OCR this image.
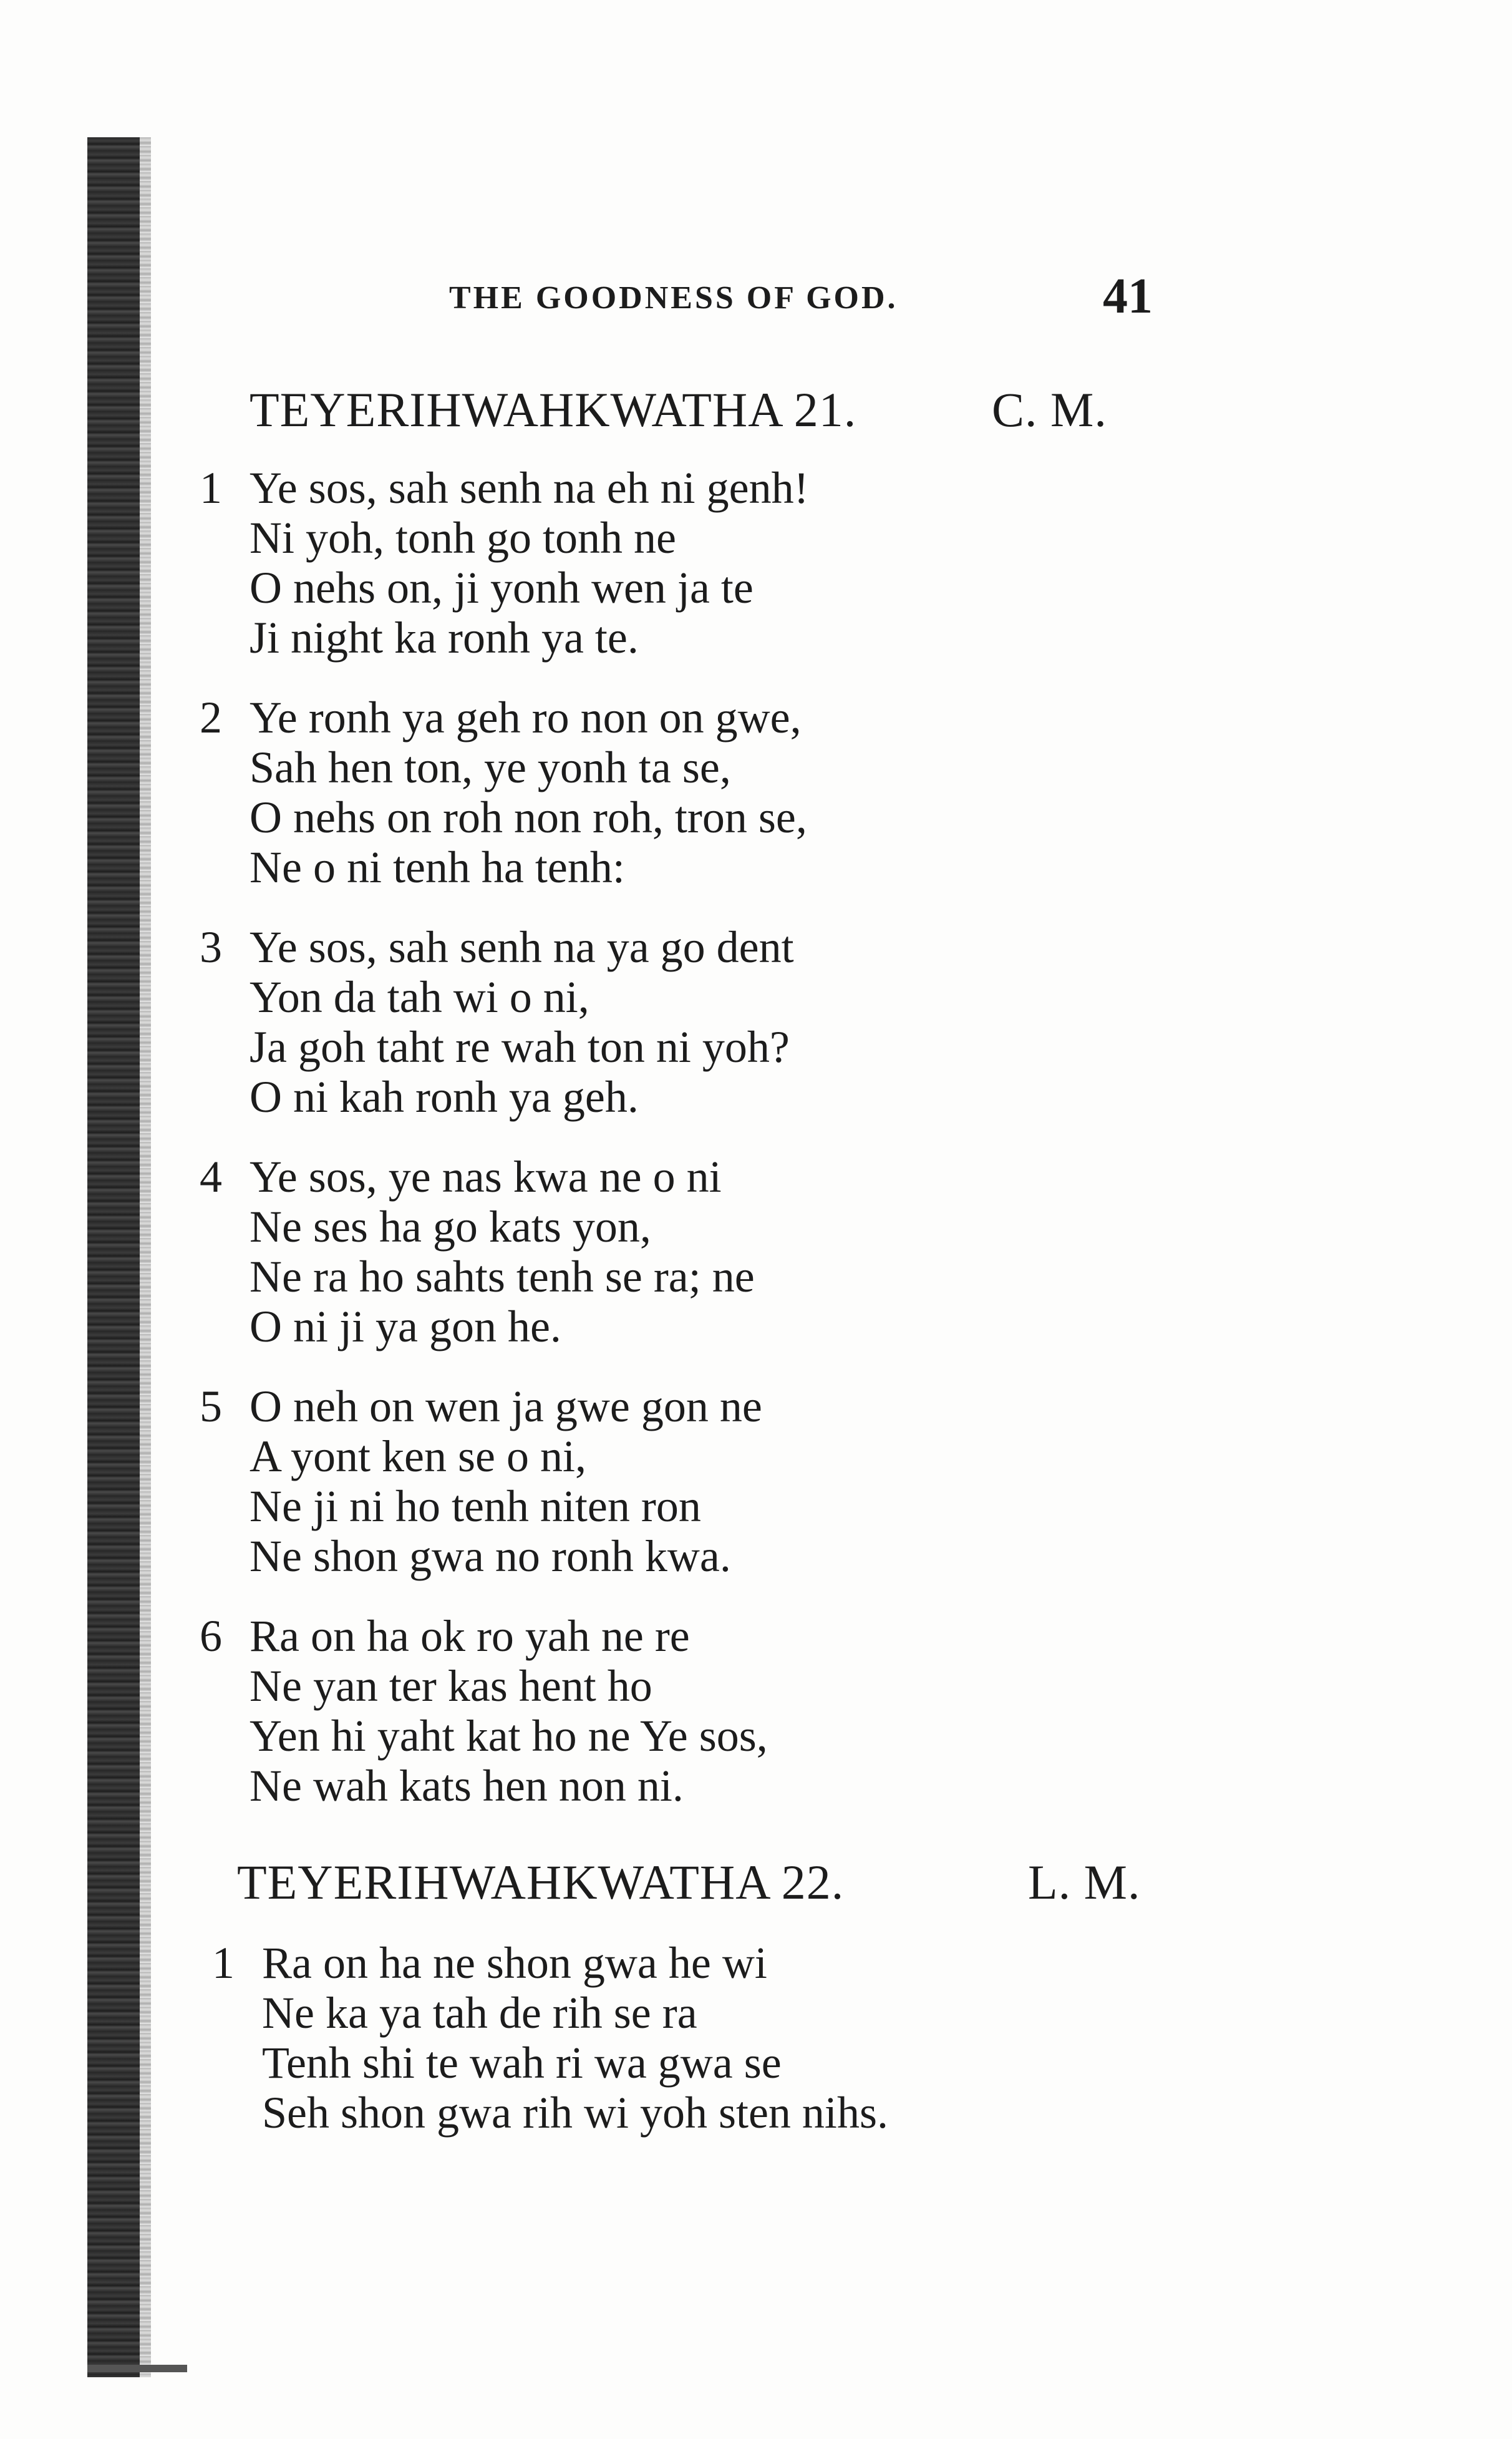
THE GOODNESS OF GOD.	41
TEYERIHWAHKWATHA 21.	C. M.
1 Ye sos, sah senh na eh ni genh!
Ni yoh, tonh go tonh ne
O nehs on, ji yonh wen ja te
Ji night ka ronh ya te.
2 Ye ronh ya geh ro non on gwe,
Sah hen ton, ye yonh ta se,
O nehs on roh non roh, tron se,
Ne o ni tenh ha tenh:
3 Ye sos, sah senh na ya go dent
Yon da tah wi o ni,
Ja goh taht re wah ton ni yoh?
O ni kah ronh ya geh.
4 Ye sos, ye nas kwa ne o ni
Ne ses ha go kats yon,
Ne ra ho sahts tenh se ra; ne
O ni ji ya gon he.
5 O neh on wen ja gwe gon ne
A yont ken se o ni,
Ne ji ni ho tenh niten ron
Ne shon gwa no ronh kwa.
6 Ra on ha ok ro yah ne re
Ne yan ter kas hent ho
Yen hi yaht kat ho ne Ye sos,
Ne wah kats hen non ni.
TEYERIHWAHKWATHA 22.	L. M.
1 Ra on ha ne shon gwa he wi
Ne ka ya tah de rih se ra
Tenh shi te wah ri wa gwa se
Seh shon gwa rih wi yoh sten nihs.
